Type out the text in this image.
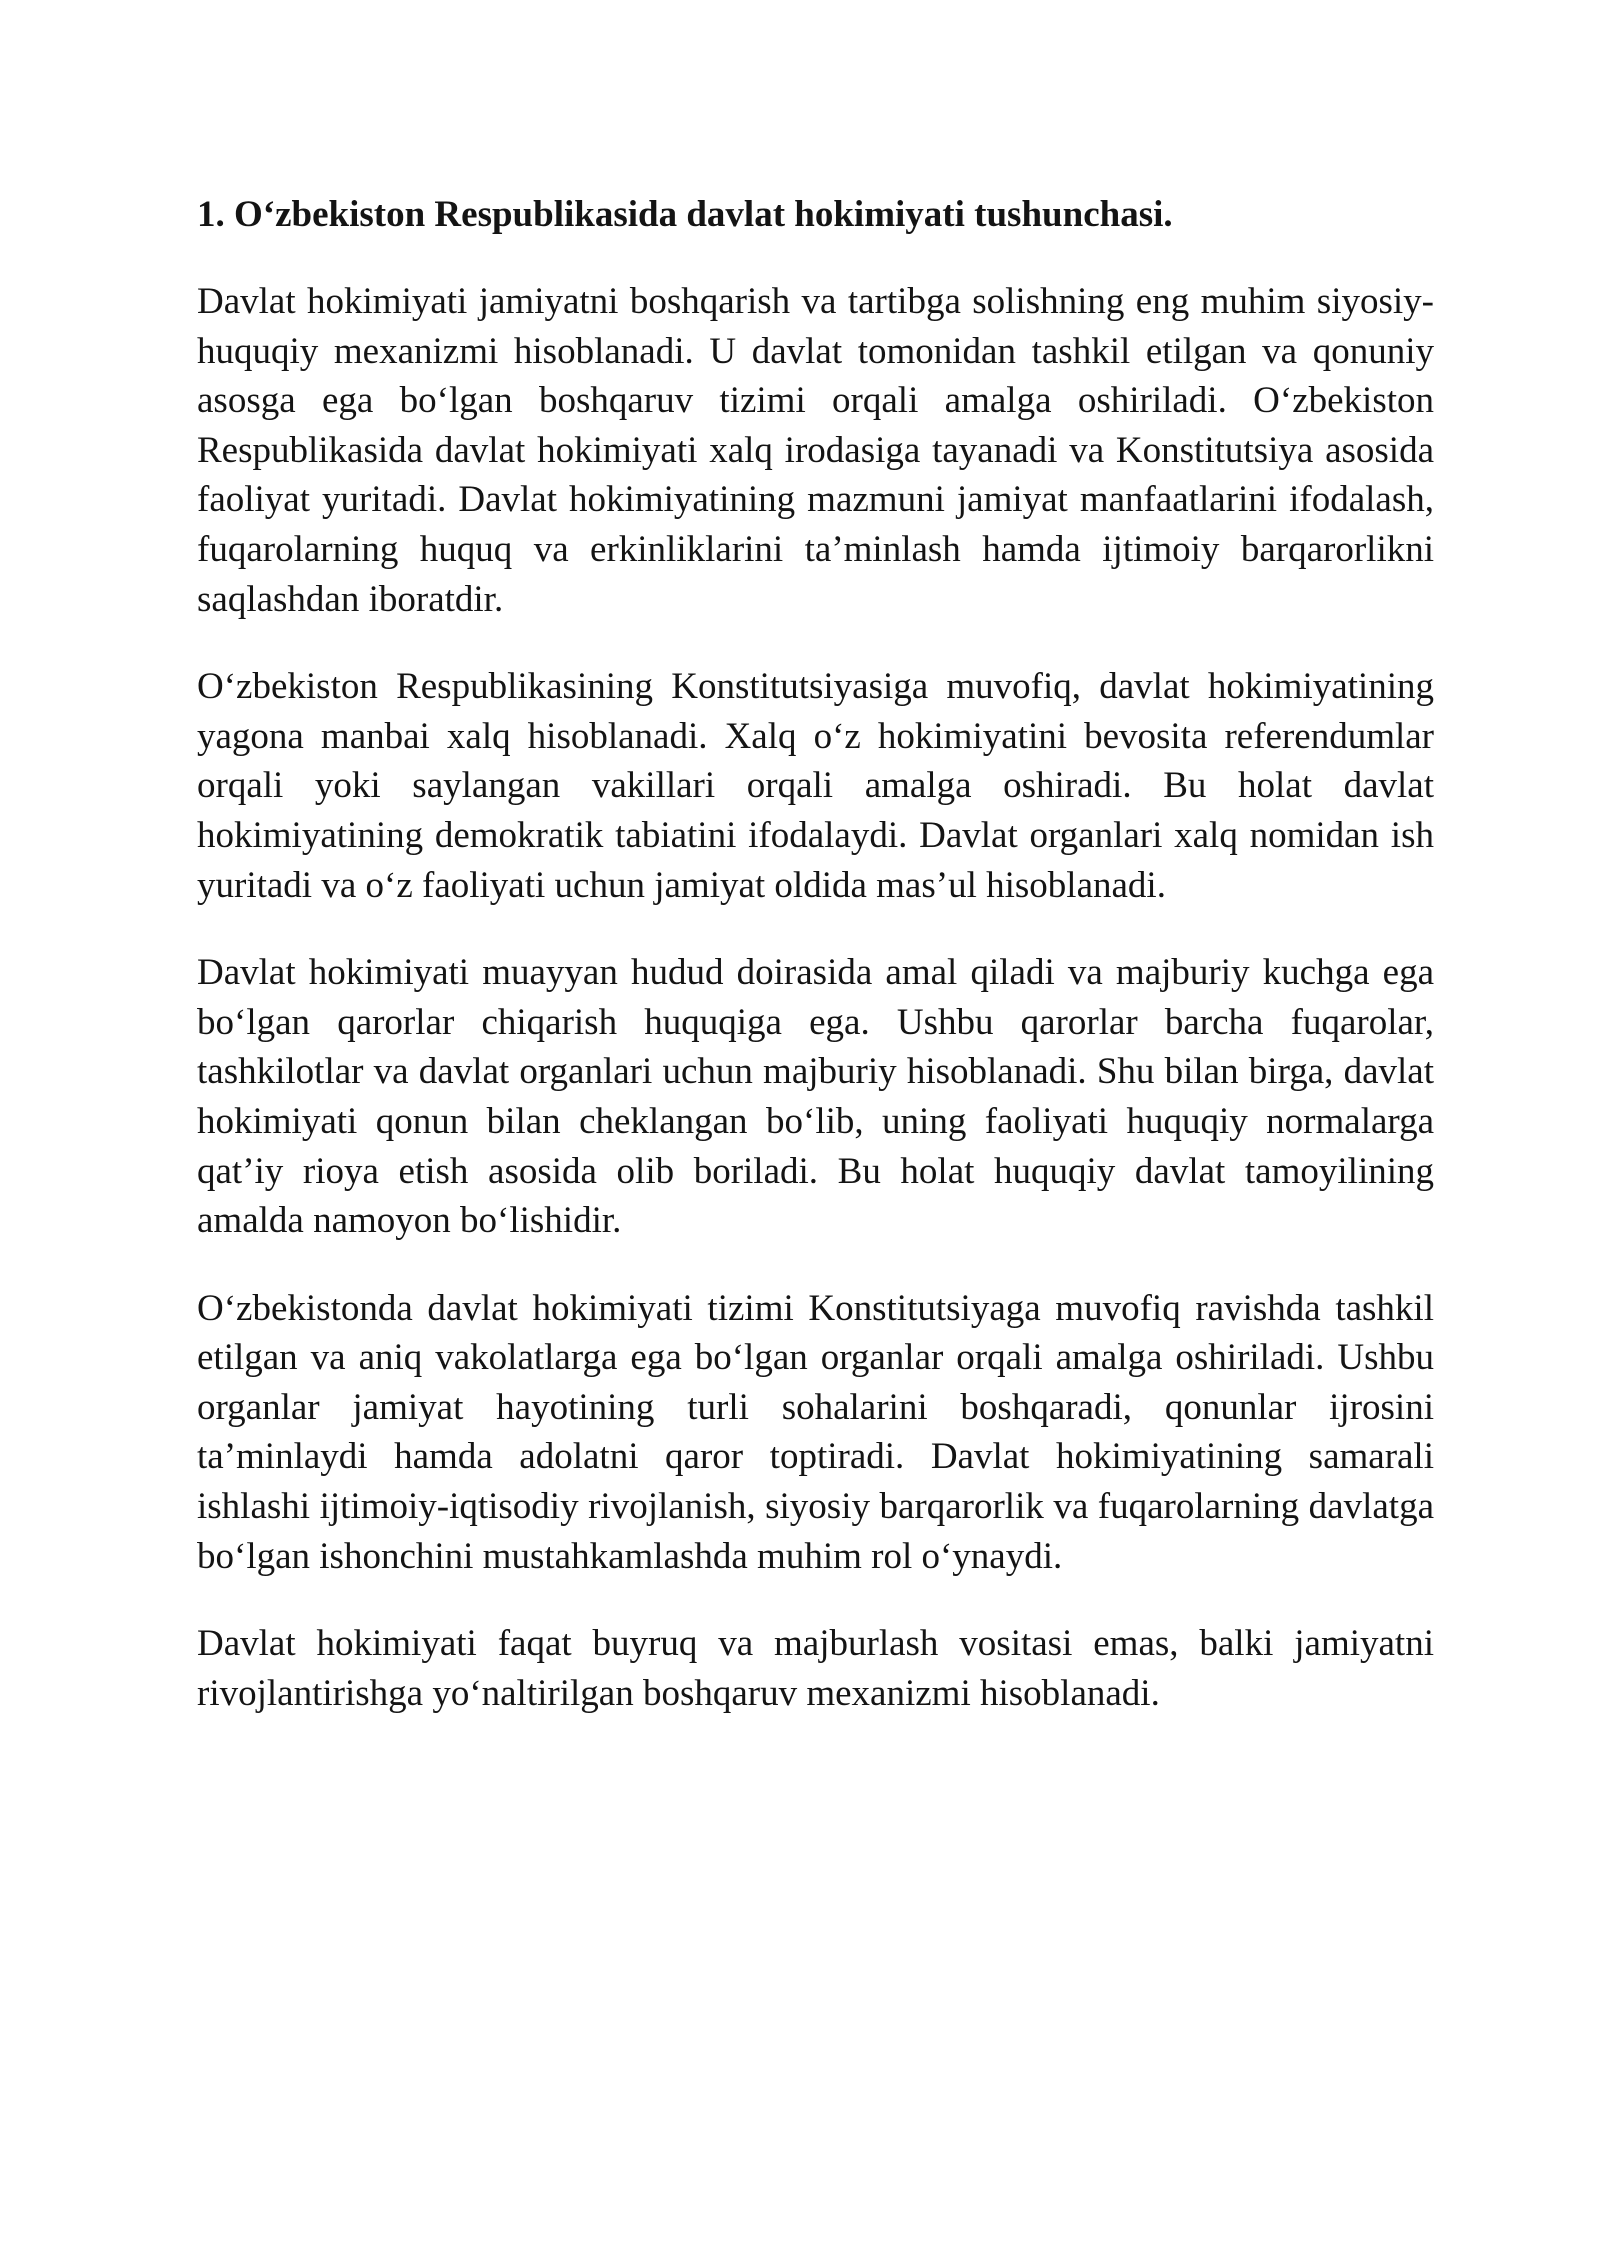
1. O‘zbekiston Respublikasida davlat hokimiyati tushunchasi.

Davlat hokimiyati jamiyatni boshqarish va tartibga solishning eng muhim siyosiy-huquqiy mexanizmi hisoblanadi. U davlat tomonidan tashkil etilgan va qonuniy asosga ega bo‘lgan boshqaruv tizimi orqali amalga oshiriladi. O‘zbekiston Respublikasida davlat hokimiyati xalq irodasiga tayanadi va Konstitutsiya asosida faoliyat yuritadi. Davlat hokimiyatining mazmuni jamiyat manfaatlarini ifodalash, fuqarolarning huquq va erkinliklarini ta’minlash hamda ijtimoiy barqarorlikni saqlashdan iboratdir.

O‘zbekiston Respublikasining Konstitutsiyasiga muvofiq, davlat hokimiyatining yagona manbai xalq hisoblanadi. Xalq o‘z hokimiyatini bevosita referendumlar orqali yoki saylangan vakillari orqali amalga oshiradi. Bu holat davlat hokimiyatining demokratik tabiatini ifodalaydi. Davlat organlari xalq nomidan ish yuritadi va o‘z faoliyati uchun jamiyat oldida mas’ul hisoblanadi.

Davlat hokimiyati muayyan hudud doirasida amal qiladi va majburiy kuchga ega bo‘lgan qarorlar chiqarish huquqiga ega. Ushbu qarorlar barcha fuqarolar, tashkilotlar va davlat organlari uchun majburiy hisoblanadi. Shu bilan birga, davlat hokimiyati qonun bilan cheklangan bo‘lib, uning faoliyati huquqiy normalarga qat’iy rioya etish asosida olib boriladi. Bu holat huquqiy davlat tamoyilining amalda namoyon bo‘lishidir.

O‘zbekistonda davlat hokimiyati tizimi Konstitutsiyaga muvofiq ravishda tashkil etilgan va aniq vakolatlarga ega bo‘lgan organlar orqali amalga oshiriladi. Ushbu organlar jamiyat hayotining turli sohalarini boshqaradi, qonunlar ijrosini ta’minlaydi hamda adolatni qaror toptiradi. Davlat hokimiyatining samarali ishlashi ijtimoiy-iqtisodiy rivojlanish, siyosiy barqarorlik va fuqarolarning davlatga bo‘lgan ishonchini mustahkamlashda muhim rol o‘ynaydi.

Davlat hokimiyati faqat buyruq va majburlash vositasi emas, balki jamiyatni rivojlantirishga yo‘naltirilgan boshqaruv mexanizmi hisoblanadi.
